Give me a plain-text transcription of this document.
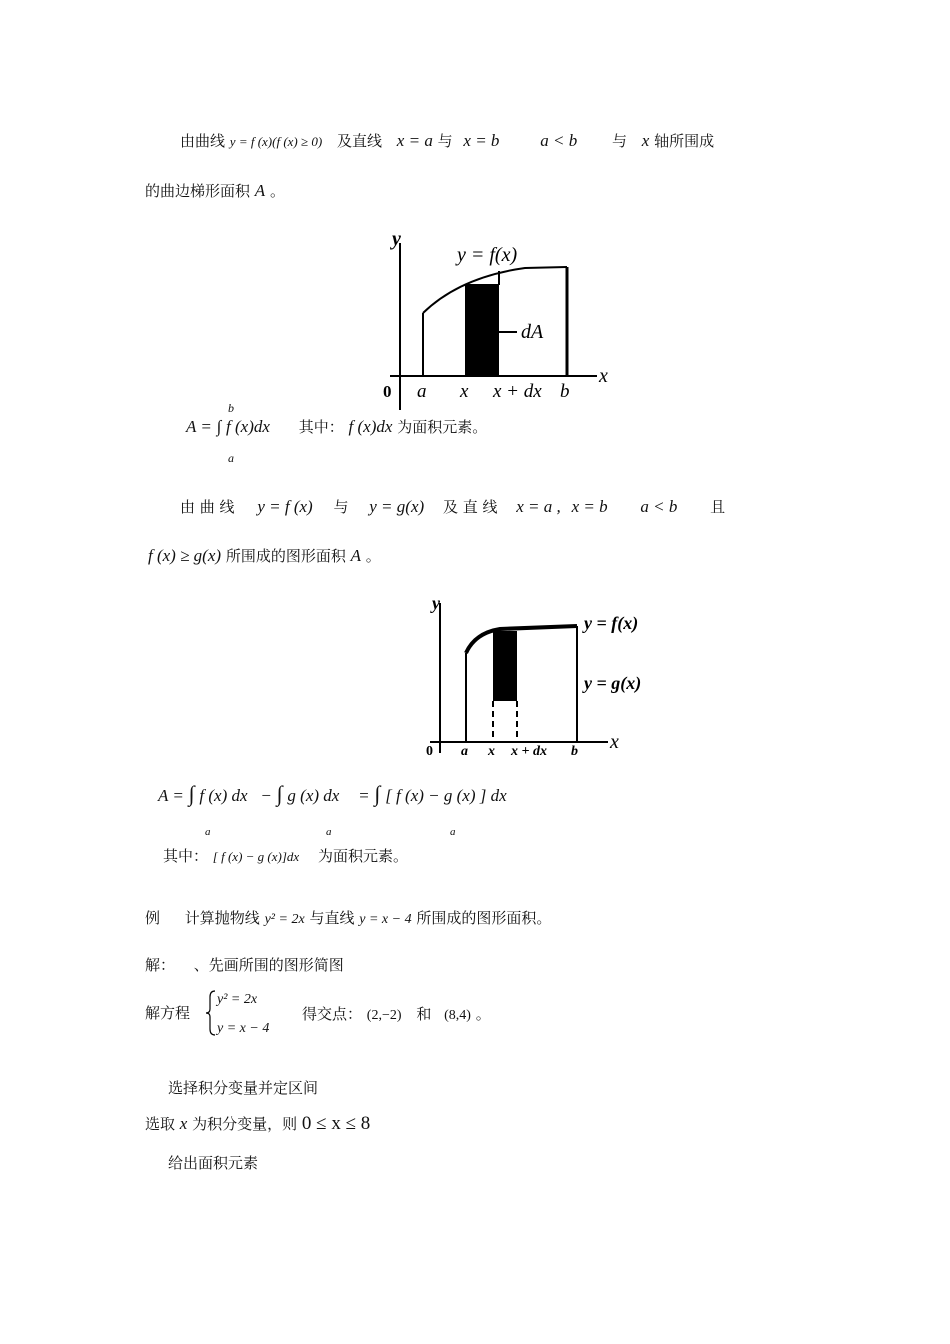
由曲线 y = f (x)(f (x) ≥ 0) 及直线 x = a 与 x = b a < b 与 x 轴所围成
的曲边梯形面积 A 。
y
x
dA
y = f(x)
0 a x x + dx b
b
A = ∫ f (x)dx 其中： f (x)dx 为面积元素。
a
由 曲 线 y = f (x) 与 y = g(x) 及 直 线 x = a , x = b a < b 且
f (x) ≥ g(x) 所围成的图形面积 A 。
y
x
y = f(x)
y = g(x)
0 a x x + dx b
A = ∫ f (x) dx − ∫ g (x) dx = ∫ [ f (x) − g (x) ] dx
a	a	a
其中： [ f (x) − g (x)]dx 为面积元素。
例 计算抛物线 y² = 2x 与直线 y = x − 4 所围成的图形面积。
解： 、先画所围的图形简图
解方程
y² = 2x
y = x − 4
得交点： (2,−2) 和 (8,4) 。
选择积分变量并定区间
选取 x 为积分变量，则 0 ≤ x ≤ 8
给出面积元素
